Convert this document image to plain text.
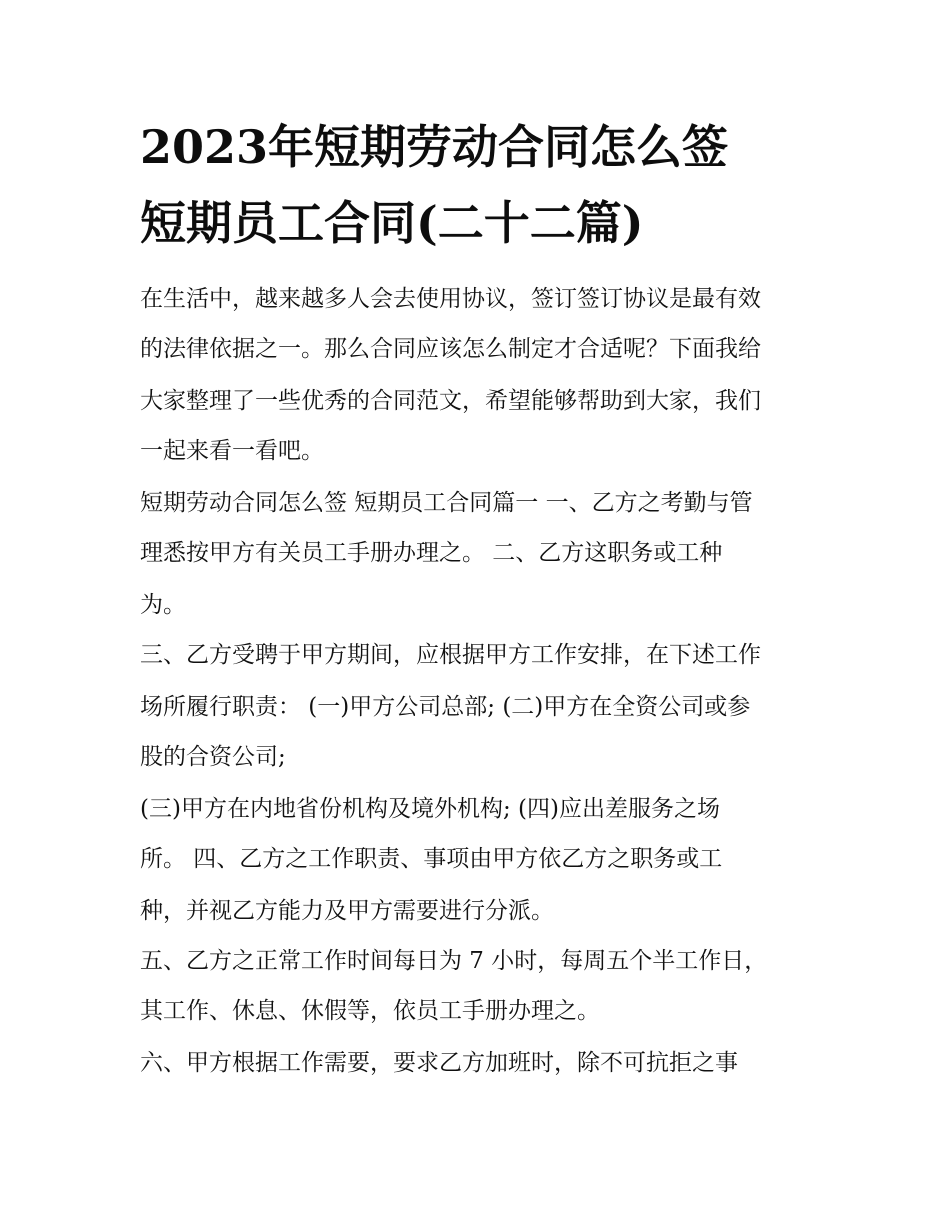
2023年短期劳动合同怎么签
短期员工合同(二十二篇)
在生活中，越来越多人会去使用协议，签订签订协议是最有效
的法律依据之一。那么合同应该怎么制定才合适呢？下面我给
大家整理了一些优秀的合同范文，希望能够帮助到大家，我们
一起来看一看吧。
短期劳动合同怎么签 短期员工合同篇一 一、乙方之考勤与管
理悉按甲方有关员工手册办理之。 二、乙方这职务或工种
为。
三、乙方受聘于甲方期间，应根据甲方工作安排，在下述工作
场所履行职责： (一)甲方公司总部; (二)甲方在全资公司或参
股的合资公司;
(三)甲方在内地省份机构及境外机构; (四)应出差服务之场
所。 四、乙方之工作职责、事项由甲方依乙方之职务或工
种，并视乙方能力及甲方需要进行分派。
五、乙方之正常工作时间每日为 7 小时，每周五个半工作日，
其工作、休息、休假等，依员工手册办理之。
六、甲方根据工作需要，要求乙方加班时，除不可抗拒之事
